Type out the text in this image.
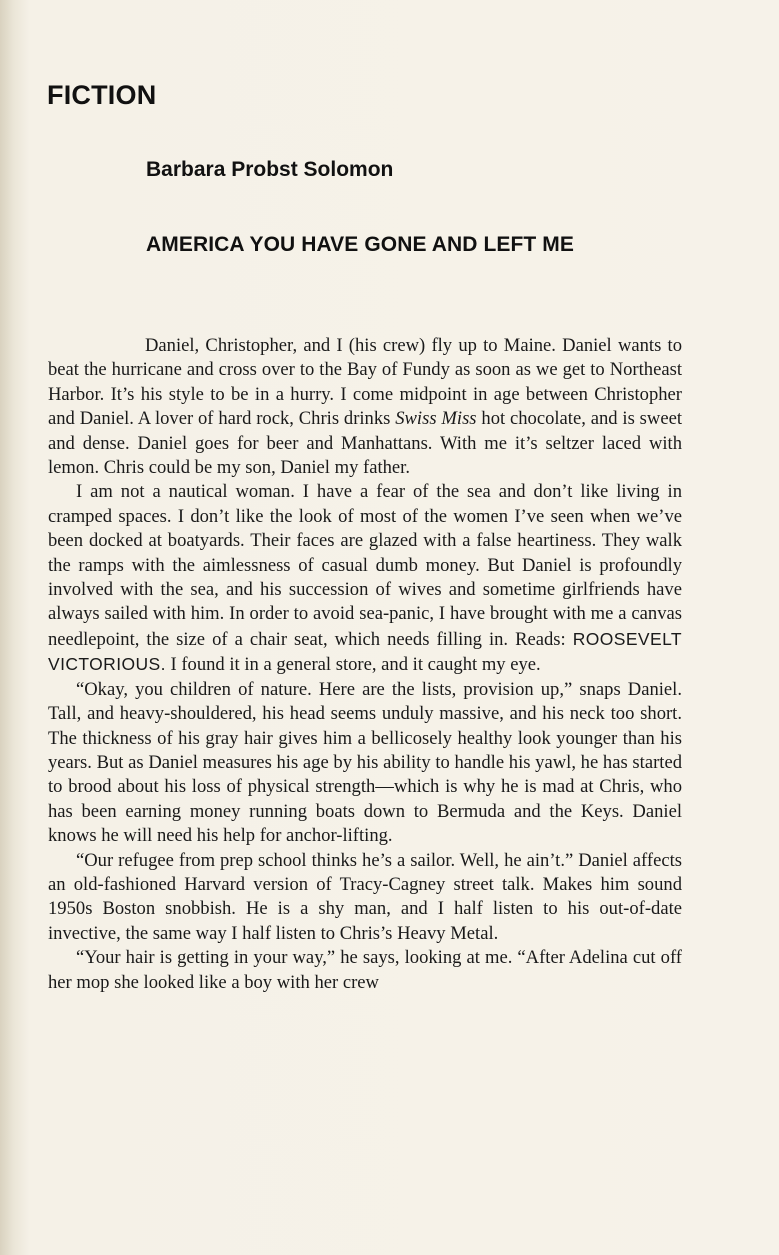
FICTION
Barbara Probst Solomon
AMERICA YOU HAVE GONE AND LEFT ME

Daniel, Christopher, and I (his crew) fly up to Maine. Daniel wants to beat the hurricane and cross over to the Bay of Fundy as soon as we get to Northeast Harbor. It’s his style to be in a hurry. I come midpoint in age between Christopher and Daniel. A lover of hard rock, Chris drinks Swiss Miss hot chocolate, and is sweet and dense. Daniel goes for beer and Manhattans. With me it’s seltzer laced with lemon. Chris could be my son, Daniel my father.

I am not a nautical woman. I have a fear of the sea and don’t like living in cramped spaces. I don’t like the look of most of the women I’ve seen when we’ve been docked at boatyards. Their faces are glazed with a false heartiness. They walk the ramps with the aimlessness of casual dumb money. But Daniel is profoundly involved with the sea, and his succession of wives and sometime girlfriends have always sailed with him. In order to avoid sea-panic, I have brought with me a canvas needlepoint, the size of a chair seat, which needs filling in. Reads: ROOSEVELT VICTORIOUS. I found it in a general store, and it caught my eye.

“Okay, you children of nature. Here are the lists, provision up,” snaps Daniel. Tall, and heavy-shouldered, his head seems unduly massive, and his neck too short. The thickness of his gray hair gives him a bellicosely healthy look younger than his years. But as Daniel measures his age by his ability to handle his yawl, he has started to brood about his loss of physical strength—which is why he is mad at Chris, who has been earning money running boats down to Bermuda and the Keys. Daniel knows he will need his help for anchor-lifting.

“Our refugee from prep school thinks he’s a sailor. Well, he ain’t.” Daniel affects an old-fashioned Harvard version of Tracy-Cagney street talk. Makes him sound 1950s Boston snobbish. He is a shy man, and I half listen to his out-of-date invective, the same way I half listen to Chris’s Heavy Metal.

“Your hair is getting in your way,” he says, looking at me. “After Adelina cut off her mop she looked like a boy with her crew
